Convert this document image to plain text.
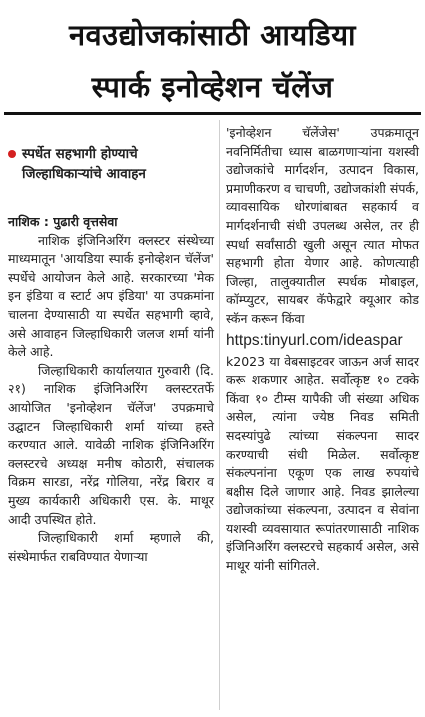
नवउद्योजकांसाठी आयडिया
स्पार्क इनोव्हेशन चॅलेंज
स्पर्धेत सहभागी होण्याचे
जिल्हाधिकाऱ्यांचे आवाहन

नाशिक : पुढारी वृत्तसेवा

नाशिक इंजिनिअरिंग क्लस्टर संस्थेच्या माध्यमातून 'आयडिया स्पार्क इनोव्हेशन चॅलेंज' स्पर्धेचे आयोजन केले आहे. सरकारच्या 'मेक इन इंडिया व स्टार्ट अप इंडिया' या उपक्रमांना चालना देण्यासाठी या स्पर्धेत सहभागी व्हावे, असे आवाहन जिल्हाधिकारी जलज शर्मा यांनी केले आहे.

जिल्हाधिकारी कार्यालयात गुरुवारी (दि. २१) नाशिक इंजिनिअरिंग क्लस्टरतर्फे आयोजित 'इनोव्हेशन चॅलेंज' उपक्रमाचे उद्घाटन जिल्हाधिकारी शर्मा यांच्या हस्ते करण्यात आले. यावेळी नाशिक इंजिनिअरिंग क्लस्टरचे अध्यक्ष मनीष कोठारी, संचालक विक्रम सारडा, नरेंद्र गोलिया, नरेंद्र बिरार व मुख्य कार्यकारी अधिकारी एस. के. माथूर आदी उपस्थित होते.

जिल्हाधिकारी शर्मा म्हणाले की, संस्थेमार्फत राबविण्यात येणाऱ्या

'इनोव्हेशन चॅलेंजेस' उपक्रमातून नवनिर्मितीचा ध्यास बाळगणाऱ्यांना यशस्वी उद्योजकांचे मार्गदर्शन, उत्पादन विकास, प्रमाणीकरण व चाचणी, उद्योजकांशी संपर्क, व्यावसायिक धोरणांबाबत सहकार्य व मार्गदर्शनाची संधी उपलब्ध असेल, तर ही स्पर्धा सर्वांसाठी खुली असून त्यात मोफत सहभागी होता येणार आहे. कोणत्याही जिल्हा, तालुक्यातील स्पर्धक मोबाइल, कॉम्प्युटर, सायबर कॅफेद्वारे क्यूआर कोड स्कॅन करून किंवा

https:tinyurl.com/ideaspar

k2023 या वेबसाइटवर जाऊन अर्ज सादर करू शकणार आहेत. सर्वोत्कृष्ट १० टक्के किंवा १० टीम्स यापैकी जी संख्या अधिक असेल, त्यांना ज्येष्ठ निवड समिती सदस्यांपुढे त्यांच्या संकल्पना सादर करण्याची संधी मिळेल. सर्वोत्कृष्ट संकल्पनांना एकूण एक लाख रुपयांचे बक्षीस दिले जाणार आहे. निवड झालेल्या उद्योजकांच्या संकल्पना, उत्पादन व सेवांना यशस्वी व्यवसायात रूपांतरणासाठी नाशिक इंजिनिअरिंग क्लस्टरचे सहकार्य असेल, असे माथूर यांनी सांगितले.
